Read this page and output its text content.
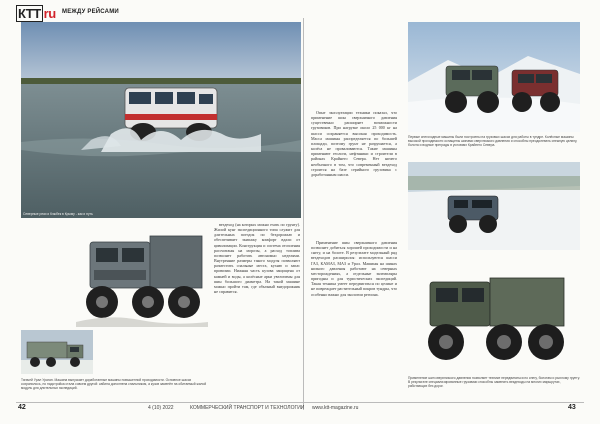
КТТ ru МЕЖДУ РЕЙСАМИ
Северные реки и Кэжбек в Крыму - как и путь
Тягачей Урал Ураган. Машина выпускает доработанные машины повышенной проходимости. Основное шасси сохранилось, но надстройка стала совсем другой: кабина дополнена спальником, а кузов заменён на обитаемый жилой модуль для длительных экспедиций.

вездеход (на которых можно ехать по грунту). Жилой кунг экспедиционного типа служит для длительных поездок по бездорожью и обеспечивает экипажу комфорт вдали от цивилизации. Конструкция и система отопления рассчитаны на морозы, а расход топлива позволяет работать автономно неделями. Внутренние размеры такого модуля позволяют разместить спальные места, кухню и запас провизии. Нижняя часть кузова защищена от камней и воды, а колёсные арки увеличены для шин большого диаметра. На такой машине можно пройти там, где обычный внедорожник не справится.

Опыт эксплуатации техники показал, что применение шин сверхнизкого давления существенно расширяет возможности грузовиков. При нагрузке около 25 000 кг на шасси сохраняется высокая проходимость. Масса машины распределяется по большей площади, поэтому грунт не разрушается, а колёса не проваливаются. Такие машины применяют геологи, нефтяники и строители в районах Крайнего Севера. Нет ничего необычного в том, что современный вездеход строится на базе серийного грузовика с доработанным шасси.

Применение шин сверхнизкого давления позволяет добиться хорошей проходимости и на снегу, и на болоте. В результате модельный ряд вездеходов расширился: используются шасси ГАЗ, КАМАЗ, МАЗ и Урал. Машины на шинах низкого давления работают на северных месторождениях, а отдельные экземпляры пригодны и для туристических экспедиций. Такая техника умеет передвигаться по целине и не повреждает растительный покров тундры, что особенно важно для экологии региона.

Первые снегоходные машины были построены на грузовых шасси для работы в тундре. Колёсные машины высокой проходимости оснащены шинами сверхнизкого давления и способны преодолевать снежную целину, болота и водные преграды в условиях Крайнего Севера.
Применение шин сверхнизкого давления позволяет технике передвигаться по снегу, болотам и рыхлому грунту. В результате специализированные грузовики способны заменить вездеходы на многих маршрутах, работающих без дорог.
42	4 (10) 2022	КОММЕРЧЕСКИЙ ТРАНСПОРТ И ТЕХНОЛОГИИ www.ktt-magazine.ru	43
